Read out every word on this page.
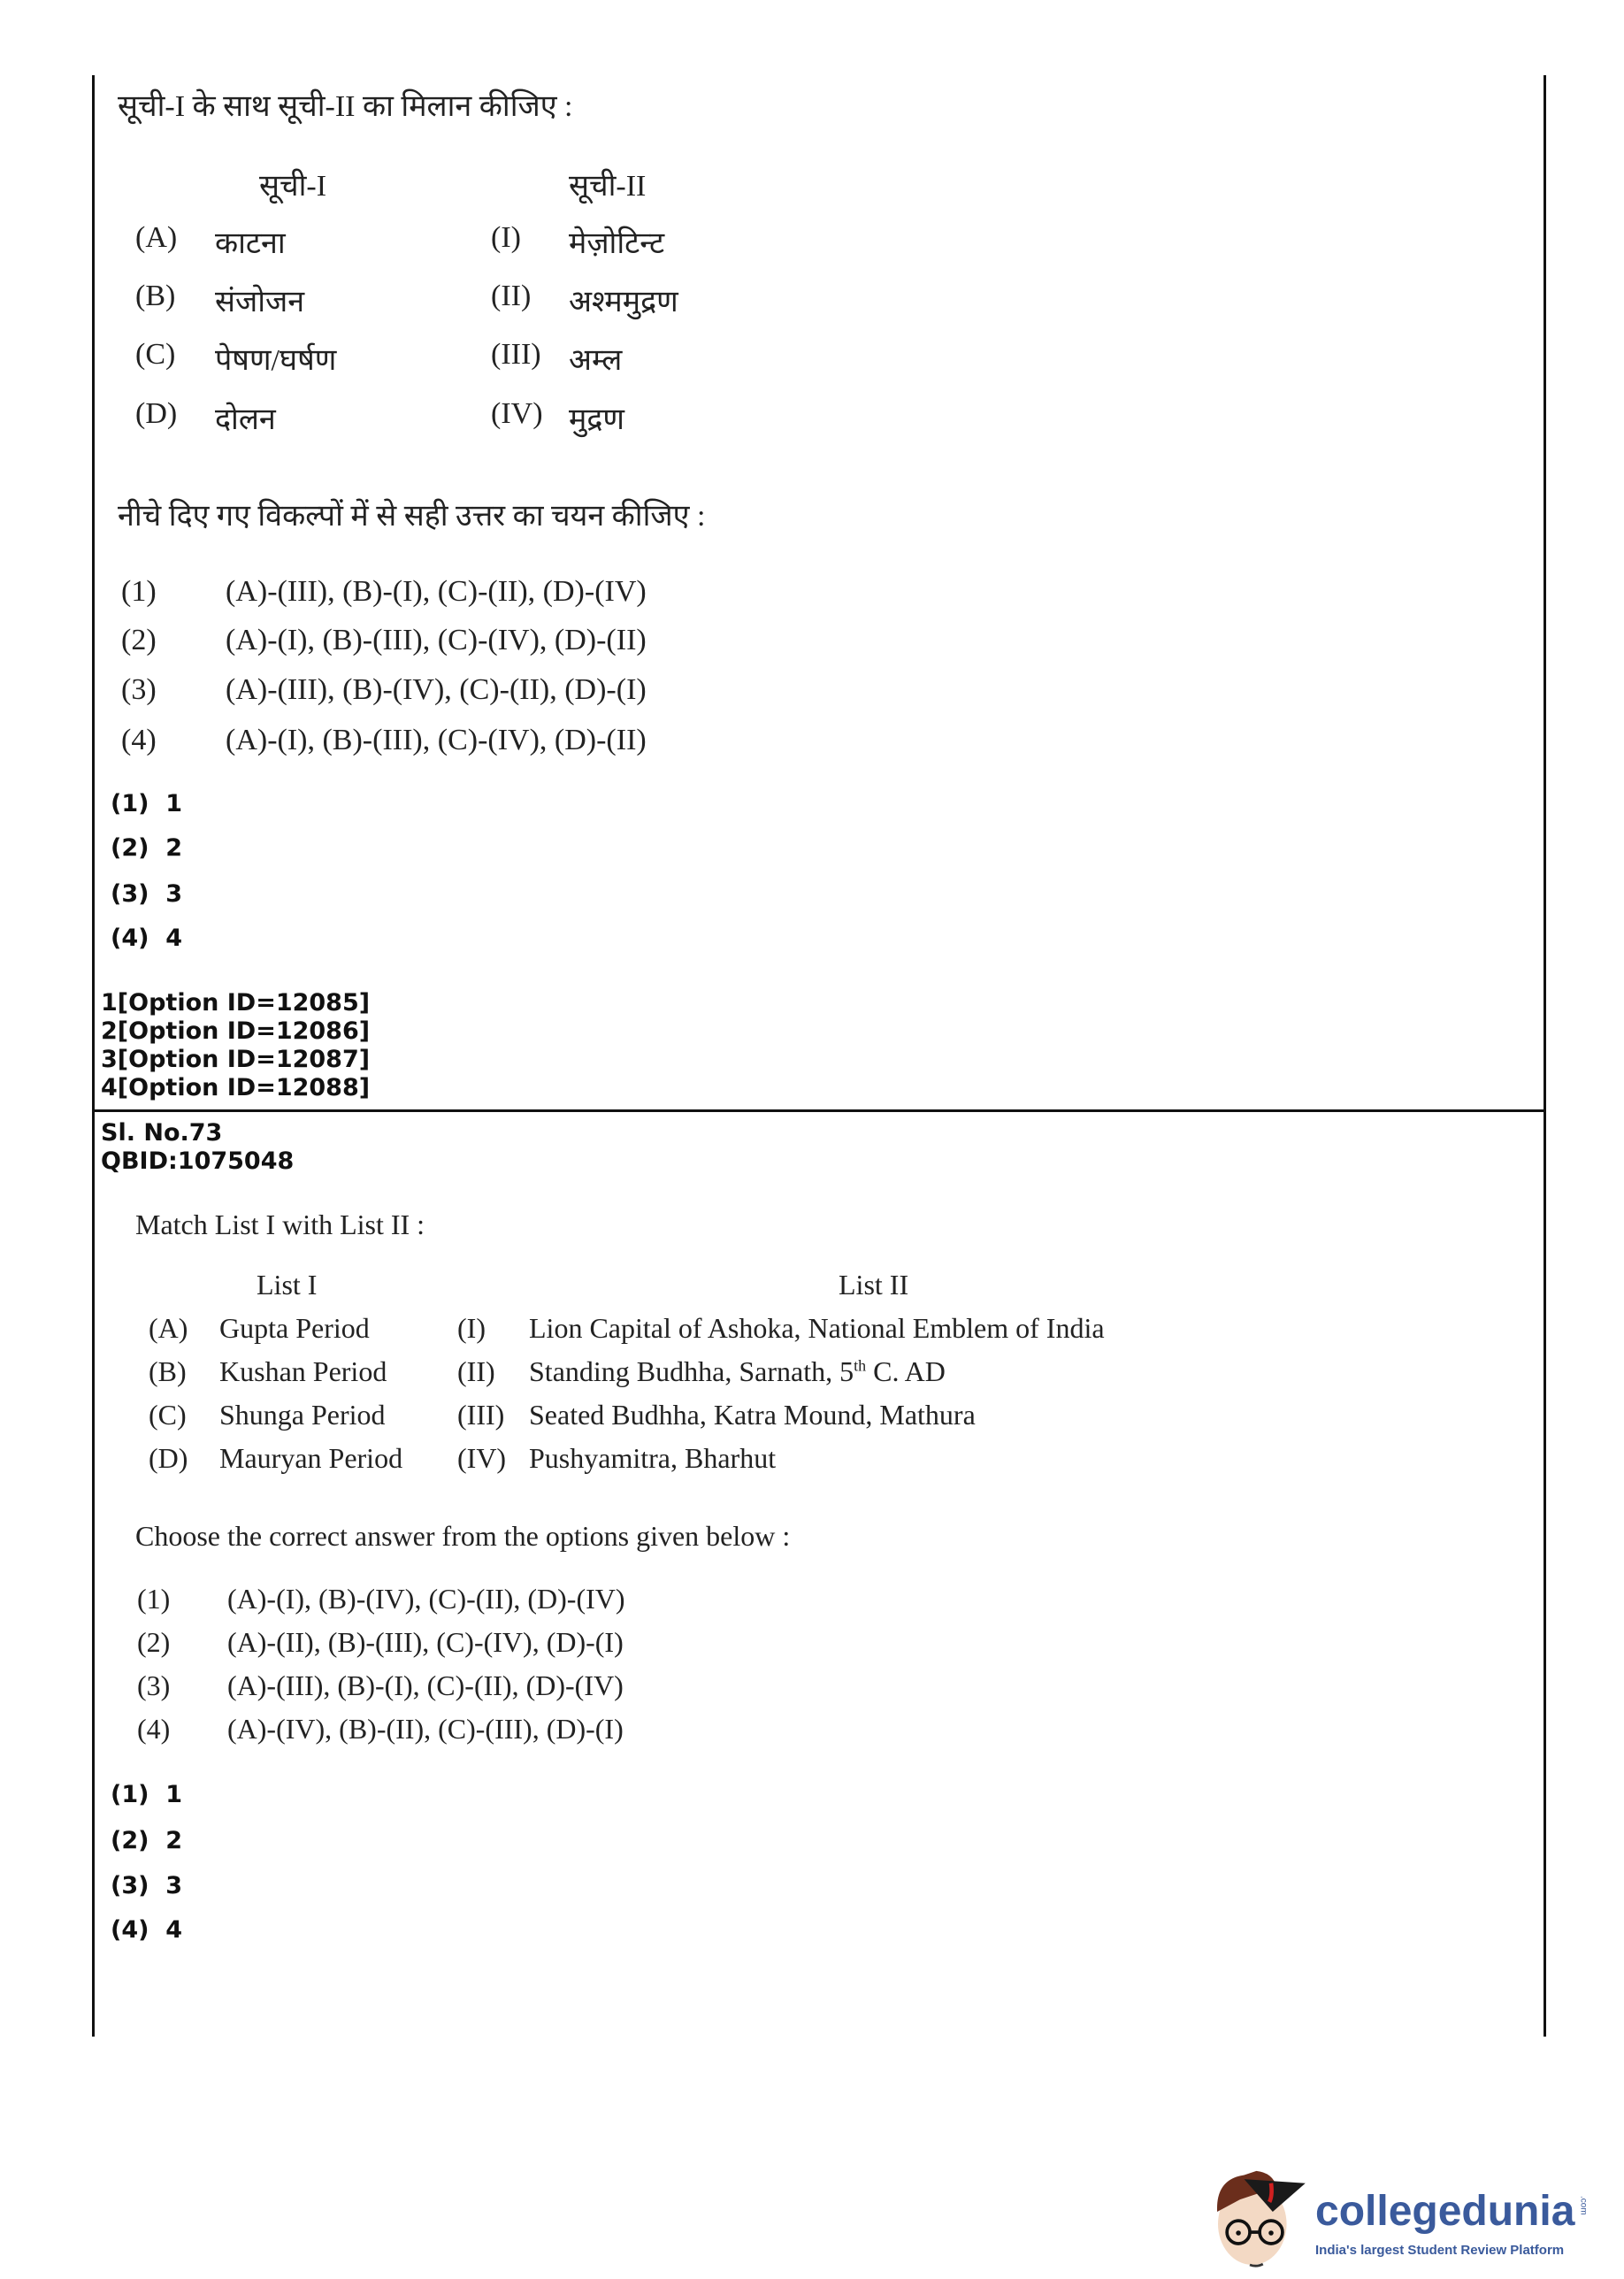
सूची-I के साथ सूची-II का मिलान कीजिए :
सूची-I	सूची-II
(A) काटना	(I) मेज़ोटिन्ट
(B) संजोजन	(II) अश्ममुद्रण
(C) पेषण/घर्षण	(III) अम्ल
(D) दोलन	(IV) मुद्रण
नीचे दिए गए विकल्पों में से सही उत्तर का चयन कीजिए :
(1) (A)-(III), (B)-(I), (C)-(II), (D)-(IV)
(2) (A)-(I), (B)-(III), (C)-(IV), (D)-(II)
(3) (A)-(III), (B)-(IV), (C)-(II), (D)-(I)
(4) (A)-(I), (B)-(III), (C)-(IV), (D)-(II)
(1) 1
(2) 2
(3) 3
(4) 4
1[Option ID=12085]
2[Option ID=12086]
3[Option ID=12087]
4[Option ID=12088]
Sl. No.73
QBID:1075048
Match List I with List II :
List I	List II
(A) Gupta Period	(I) Lion Capital of Ashoka, National Emblem of India
(B) Kushan Period (II) Standing Budhha, Sarnath, 5th C. AD
(C) Shunga Period	(III) Seated Budhha, Katra Mound, Mathura
(D) Mauryan Period (IV) Pushyamitra, Bharhut
Choose the correct answer from the options given below :
(1) (A)-(I), (B)-(IV), (C)-(II), (D)-(IV)
(2) (A)-(II), (B)-(III), (C)-(IV), (D)-(I)
(3) (A)-(III), (B)-(I), (C)-(II), (D)-(IV)
(4) (A)-(IV), (B)-(II), (C)-(III), (D)-(I)
(1) 1
(2) 2
(3) 3
(4) 4
collegedunia .com
India's largest Student Review Platform
